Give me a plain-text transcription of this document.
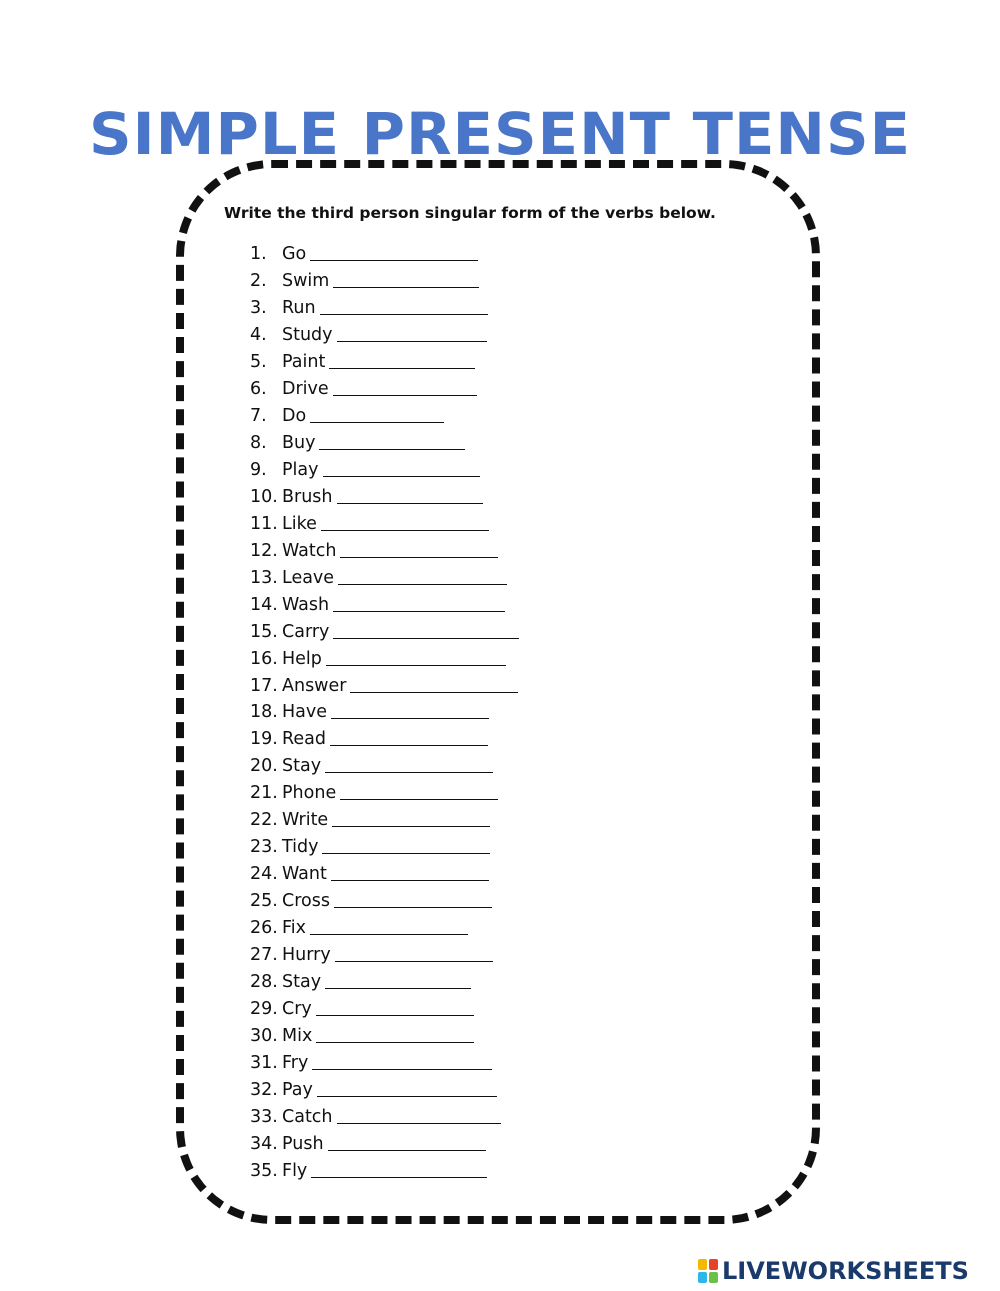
SIMPLE PRESENT TENSE
Write the third person singular form of the verbs below.
1. Go
2. Swim
3. Run
4. Study
5. Paint
6. Drive
7. Do
8. Buy
9. Play
10. Brush
11. Like
12. Watch
13. Leave
14. Wash
15. Carry
16. Help
17. Answer
18. Have
19. Read
20. Stay
21. Phone
22. Write
23. Tidy
24. Want
25. Cross
26. Fix
27. Hurry
28. Stay
29. Cry
30. Mix
31. Fry
32. Pay
33. Catch
34. Push
35. Fly
LIVEWORKSHEETS
